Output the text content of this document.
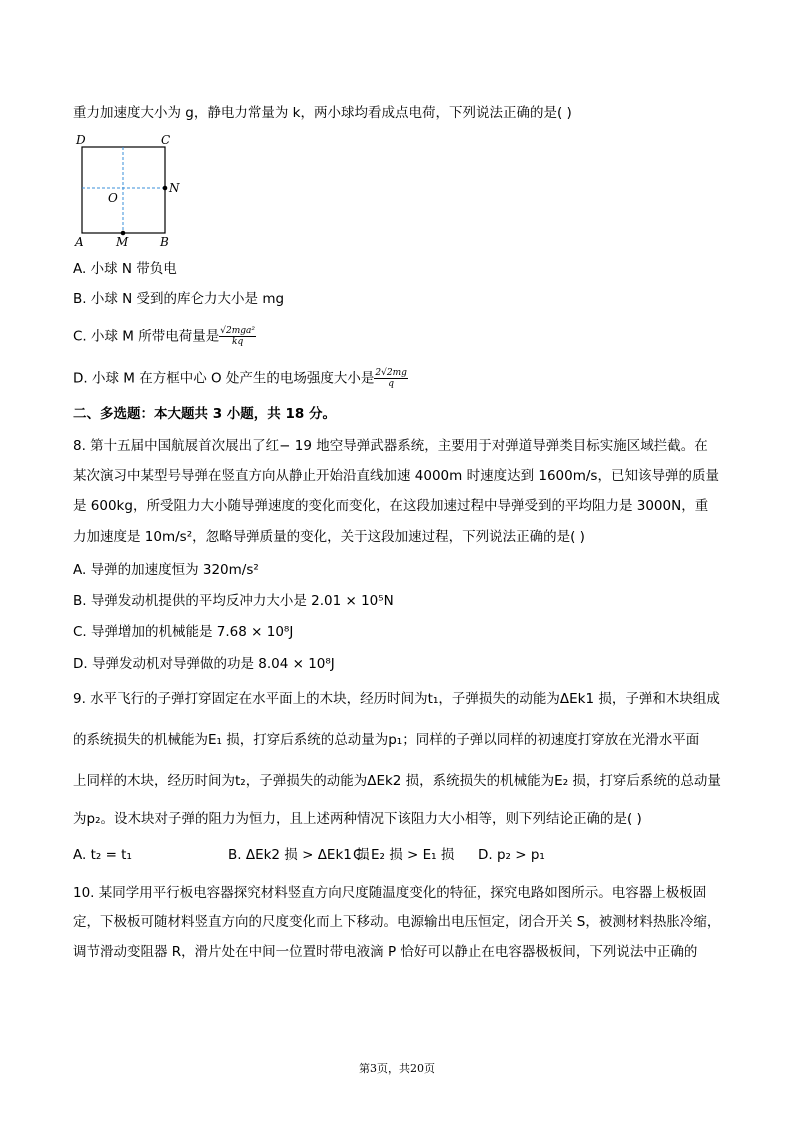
重力加速度大小为 g，静电力常量为 k，两小球均看成点电荷，下列说法正确的是( )
D	C
N
O
A	M	B
A. 小球 N 带负电
B. 小球 N 受到的库仑力大小是 mg
C. 小球 M 所带电荷量是 $\frac{\text{√2mga²}}{kq}$
D. 小球 M 在方框中心 O 处产生的电场强度大小是 $\frac{2√2mg}{q}$
二、多选题：本大题共 3 小题，共 18 分。
8. 第十五届中国航展首次展出了红− 19 地空导弹武器系统，主要用于对弹道导弹类目标实施区域拦截。在
某次演习中某型号导弹在竖直方向从静止开始沿直线加速 4000m 时速度达到 1600m/s，已知该导弹的质量
是 600kg，所受阻力大小随导弹速度的变化而变化，在这段加速过程中导弹受到的平均阻力是 3000N，重
力加速度是 10m/s²，忽略导弹质量的变化，关于这段加速过程，下列说法正确的是( )
A. 导弹的加速度恒为 320m/s²
B. 导弹发动机提供的平均反冲力大小是 2.01 × 10⁵N
C. 导弹增加的机械能是 7.68 × 10⁸J
D. 导弹发动机对导弹做的功是 8.04 × 10⁸J
9. 水平飞行的子弹打穿固定在水平面上的木块，经历时间为t₁，子弹损失的动能为ΔEk1 损，子弹和木块组成
的系统损失的机械能为E₁ 损，打穿后系统的总动量为p₁；同样的子弹以同样的初速度打穿放在光滑水平面
上同样的木块，经历时间为t₂，子弹损失的动能为ΔEk2 损，系统损失的机械能为E₂ 损，打穿后系统的总动量
为p₂。设木块对子弹的阻力为恒力，且上述两种情况下该阻力大小相等，则下列结论正确的是( )
A. t₂ = t₁	B. ΔEk2 损 > ΔEk1 损
C. E₂ 损 > E₁ 损 D. p₂ > p₁
10. 某同学用平行板电容器探究材料竖直方向尺度随温度变化的特征，探究电路如图所示。电容器上极板固
定，下极板可随材料竖直方向的尺度变化而上下移动。电源输出电压恒定，闭合开关 S，被测材料热胀冷缩，
调节滑动变阻器 R，滑片处在中间一位置时带电液滴 P 恰好可以静止在电容器极板间，下列说法中正确的
第3页，共20页
